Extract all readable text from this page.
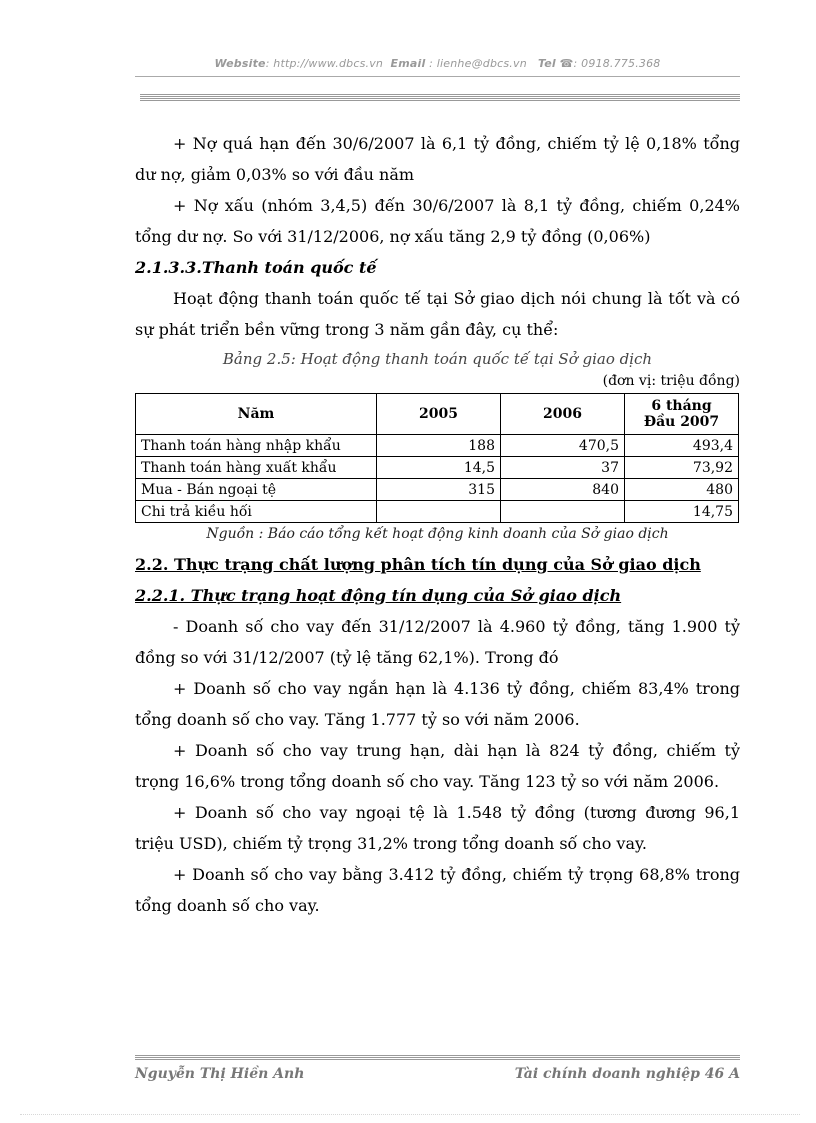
Website: http://www.dbcs.vn Email : lienhe@dbcs.vn Tel ☎: 0918.775.368

+ Nợ quá hạn đến 30/6/2007 là 6,1 tỷ đồng, chiếm tỷ lệ 0,18% tổng dư nợ, giảm 0,03% so với đầu năm

+ Nợ xấu (nhóm 3,4,5) đến 30/6/2007 là 8,1 tỷ đồng, chiếm 0,24% tổng dư nợ. So với 31/12/2006, nợ xấu tăng 2,9 tỷ đồng (0,06%)

2.1.3.3.Thanh toán quốc tế

Hoạt động thanh toán quốc tế tại Sở giao dịch nói chung là tốt và có sự phát triển bền vững trong 3 năm gần đây, cụ thể:

Bảng 2.5: Hoạt động thanh toán quốc tế tại Sở giao dịch
(đơn vị: triệu đồng)
Năm	2005	2006	6 tháng
Đầu 2007
Thanh toán hàng nhập khẩu	188	470,5	493,4
Thanh toán hàng xuất khẩu	14,5	37	73,92
Mua - Bán ngoại tệ	315	840	480
Chi trả kiều hối			14,75
Nguồn : Báo cáo tổng kết hoạt động kinh doanh của Sở giao dịch
2.2. Thực trạng chất lượng phân tích tín dụng của Sở giao dịch
2.2.1. Thực trạng hoạt động tín dụng của Sở giao dịch

- Doanh số cho vay đến 31/12/2007 là 4.960 tỷ đồng, tăng 1.900 tỷ đồng so với 31/12/2007 (tỷ lệ tăng 62,1%). Trong đó

+ Doanh số cho vay ngắn hạn là 4.136 tỷ đồng, chiếm 83,4% trong tổng doanh số cho vay. Tăng 1.777 tỷ so với năm 2006.

+ Doanh số cho vay trung hạn, dài hạn là 824 tỷ đồng, chiếm tỷ trọng 16,6% trong tổng doanh số cho vay. Tăng 123 tỷ so với năm 2006.

+ Doanh số cho vay ngoại tệ là 1.548 tỷ đồng (tương đương 96,1 triệu USD), chiếm tỷ trọng 31,2% trong tổng doanh số cho vay.

+ Doanh số cho vay bằng 3.412 tỷ đồng, chiếm tỷ trọng 68,8% trong tổng doanh số cho vay.

Nguyễn Thị Hiền Anh	Tài chính doanh nghiệp 46 A
